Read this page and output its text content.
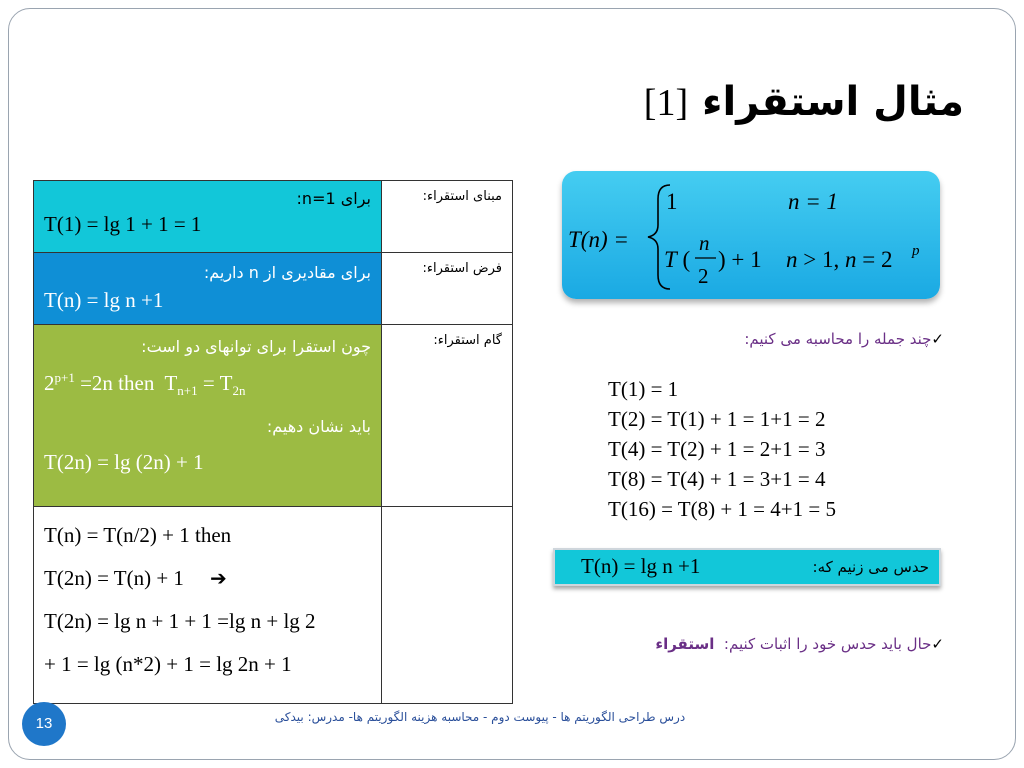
مثال استقراء [1]
برای n=1:
T(1) = lg 1 + 1 = 1	مبنای استقراء:

برای مقادیری از n داریم:
T(n) = lg n +1	فرض استقراء:

چون استقرا برای توانهای دو است:
$2^{p+1} =2n$ then  $T_{n+1} = T_{2n}$
باید نشان دهیم:
T(2n) = lg (2n) + 1	گام استقراء:

T(n) = T(n/2) + 1 then
T(2n) = T(n) + 1 ➔
T(2n) = lg n + 1 + 1 =lg n + lg 2
+ 1 = lg (n*2) + 1 = lg 2n + 1	

T(n) =
1	n = 1
T (
n
2
) + 1 n > 1, n = 2 p
✓چند جمله را محاسبه می کنیم:
T(1) = 1
T(2) = T(1) + 1 = 1+1 = 2
T(4) = T(2) + 1 = 2+1 = 3
T(8) = T(4) + 1 = 3+1 = 4
T(16) = T(8) + 1 = 4+1 = 5
T(n) = lg n +1	حدس می زنیم که:
✓حال باید حدس خود را اثبات کنیم:  استقراء
13	درس طراحی الگوریتم ها - پیوست دوم - محاسبه هزینه الگوریتم ها- مدرس: بیدکی
